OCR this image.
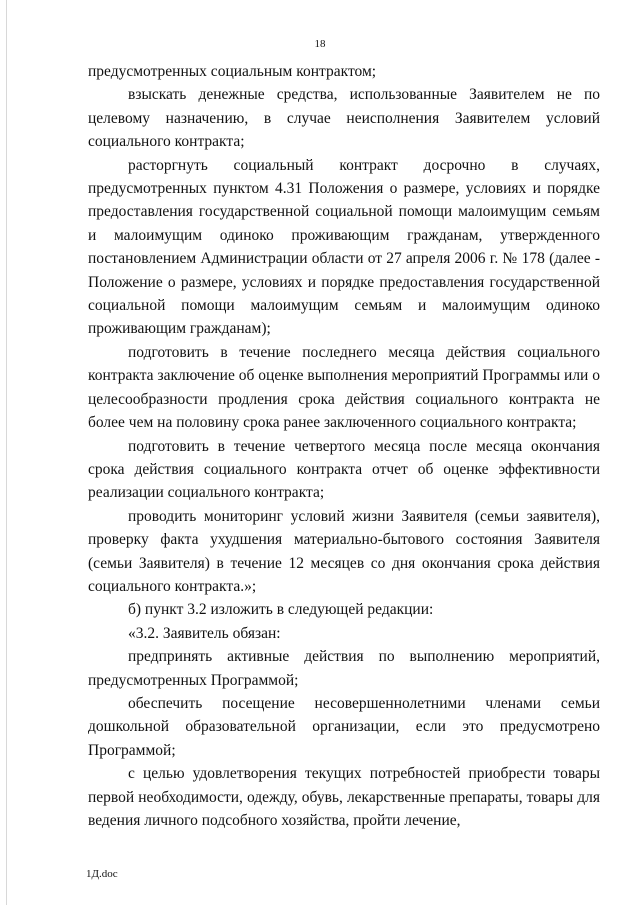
18

предусмотренных социальным контрактом;

взыскать денежные средства, использованные Заявителем не по целевому назначению, в случае неисполнения Заявителем условий социального контракта;

расторгнуть социальный контракт досрочно в случаях, предусмотренных пунктом 4.31 Положения о размере, условиях и порядке предоставления государственной социальной помощи малоимущим семьям и малоимущим одиноко проживающим гражданам, утвержденного постановлением Администрации области от 27 апреля 2006 г. № 178 (далее - Положение о размере, условиях и порядке предоставления государственной социальной помощи малоимущим семьям и малоимущим одиноко проживающим гражданам);

подготовить в течение последнего месяца действия социального контракта заключение об оценке выполнения мероприятий Программы или о целесообразности продления срока действия социального контракта не более чем на половину срока ранее заключенного социального контракта;

подготовить в течение четвертого месяца после месяца окончания срока действия социального контракта отчет об оценке эффективности реализации социального контракта;

проводить мониторинг условий жизни Заявителя (семьи заявителя), проверку факта ухудшения материально-бытового состояния Заявителя (семьи Заявителя) в течение 12 месяцев со дня окончания срока действия социального контракта.»;

б) пункт 3.2 изложить в следующей редакции:

«3.2. Заявитель обязан:

предпринять активные действия по выполнению мероприятий, предусмотренных Программой;

обеспечить посещение несовершеннолетними членами семьи дошкольной образовательной организации, если это предусмотрено Программой;

с целью удовлетворения текущих потребностей приобрести товары первой необходимости, одежду, обувь, лекарственные препараты, товары для ведения личного подсобного хозяйства, пройти лечение,

1Д.doc
